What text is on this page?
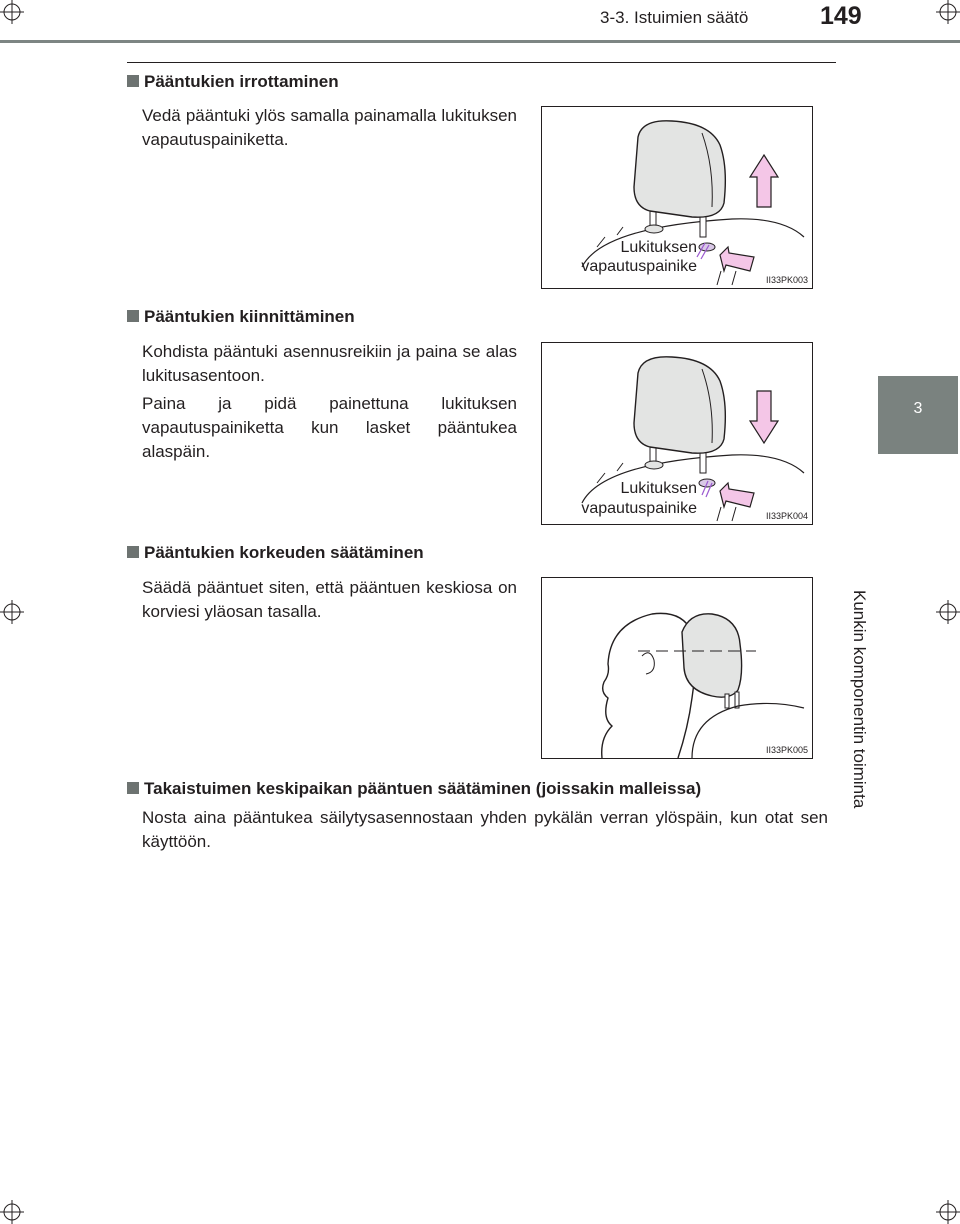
3-3. Istuimien säätö	149
3
Kunkin komponentin toiminta
Pääntukien irrottaminen
Vedä pääntuki ylös samalla painamalla lukituksen vapautuspainiketta.
Lukituksen
vapautuspainike
II33PK003
Pääntukien kiinnittäminen
Kohdista pääntuki asennusreikiin ja paina se alas lukitusasentoon.
Paina ja pidä painettuna lukituksen vapautuspainiketta kun lasket pääntukea alaspäin.
Lukituksen
vapautuspainike	II33PK004
Pääntukien korkeuden säätäminen
Säädä pääntuet siten, että pääntuen keskiosa on korviesi yläosan tasalla.
II33PK005
Takaistuimen keskipaikan pääntuen säätäminen (joissakin malleissa)
Nosta aina pääntukea säilytysasennostaan yhden pykälän verran ylöspäin, kun otat sen käyttöön.
